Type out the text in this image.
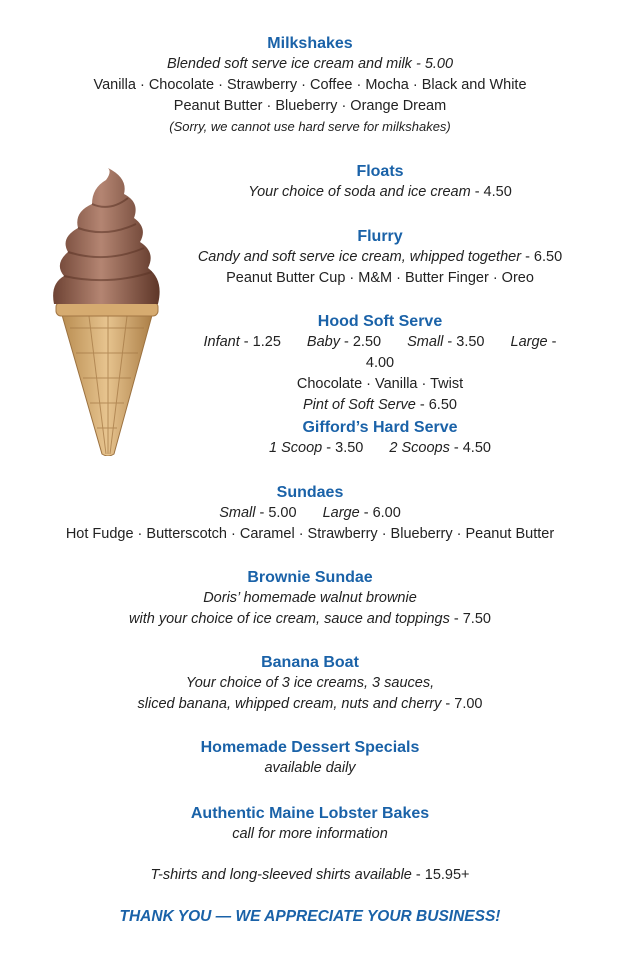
Milkshakes
Blended soft serve ice cream and milk - 5.00
Vanilla · Chocolate · Strawberry · Coffee · Mocha · Black and White
Peanut Butter · Blueberry · Orange Dream
(Sorry, we cannot use hard serve for milkshakes)
Floats
Your choice of soda and ice cream - 4.50
Flurry
Candy and soft serve ice cream, whipped together - 6.50
Peanut Butter Cup · M&M · Butter Finger · Oreo
Hood Soft Serve
Infant - 1.25 Baby - 2.50 Small - 3.50 Large - 4.00
Chocolate · Vanilla · Twist
Pint of Soft Serve - 6.50
Gifford’s Hard Serve
1 Scoop - 3.50 2 Scoops - 4.50
Sundaes
Small - 5.00 Large - 6.00
Hot Fudge · Butterscotch · Caramel · Strawberry · Blueberry · Peanut Butter
Brownie Sundae
Doris’ homemade walnut brownie
with your choice of ice cream, sauce and toppings - 7.50
Banana Boat
Your choice of 3 ice creams, 3 sauces,
sliced banana, whipped cream, nuts and cherry - 7.00
Homemade Dessert Specials
available daily
Authentic Maine Lobster Bakes
call for more information
T-shirts and long-sleeved shirts available - 15.95+
THANK YOU — WE APPRECIATE YOUR BUSINESS!
